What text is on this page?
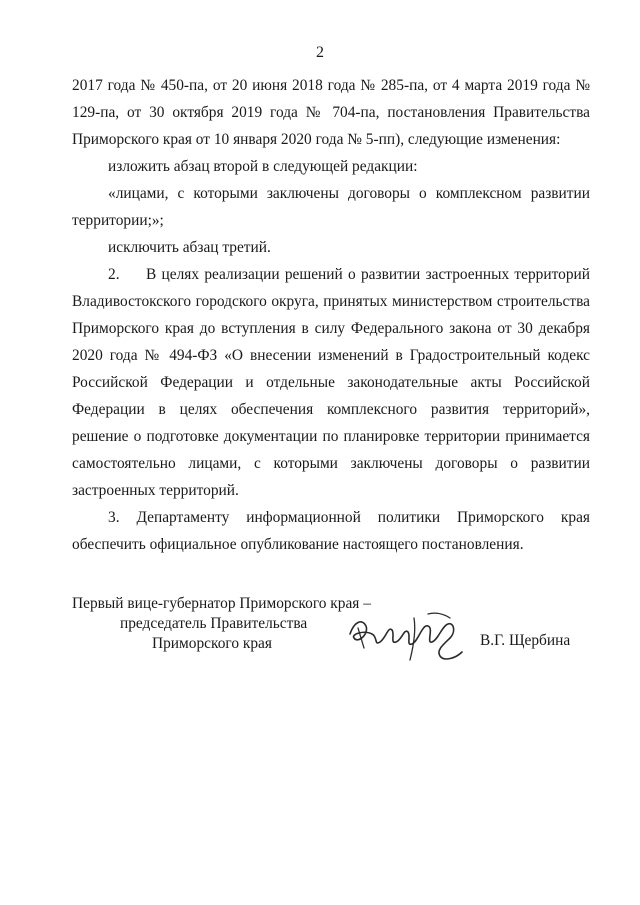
2

2017 года № 450-па, от 20 июня 2018 года № 285-па, от 4 марта 2019 года № 129-па, от 30 октября 2019 года № 704-па, постановления Правительства Приморского края от 10 января 2020 года № 5-пп), следующие изменения:

изложить абзац второй в следующей редакции:

«лицами, с которыми заключены договоры о комплексном развитии территории;»;

исключить абзац третий.

2. В целях реализации решений о развитии застроенных территорий Владивостокского городского округа, принятых министерством строительства Приморского края до вступления в силу Федерального закона от 30 декабря 2020 года № 494-ФЗ «О внесении изменений в Градостроительный кодекс Российской Федерации и отдельные законодательные акты Российской Федерации в целях обеспечения комплексного развития территорий», решение о подготовке документации по планировке территории принимается самостоятельно лицами, с которыми заключены договоры о развитии застроенных территорий.

3. Департаменту информационной политики Приморского края обеспечить официальное опубликование настоящего постановления.

Первый вице-губернатор Приморского края –
председатель Правительства
Приморского края	В.Г. Щербина
